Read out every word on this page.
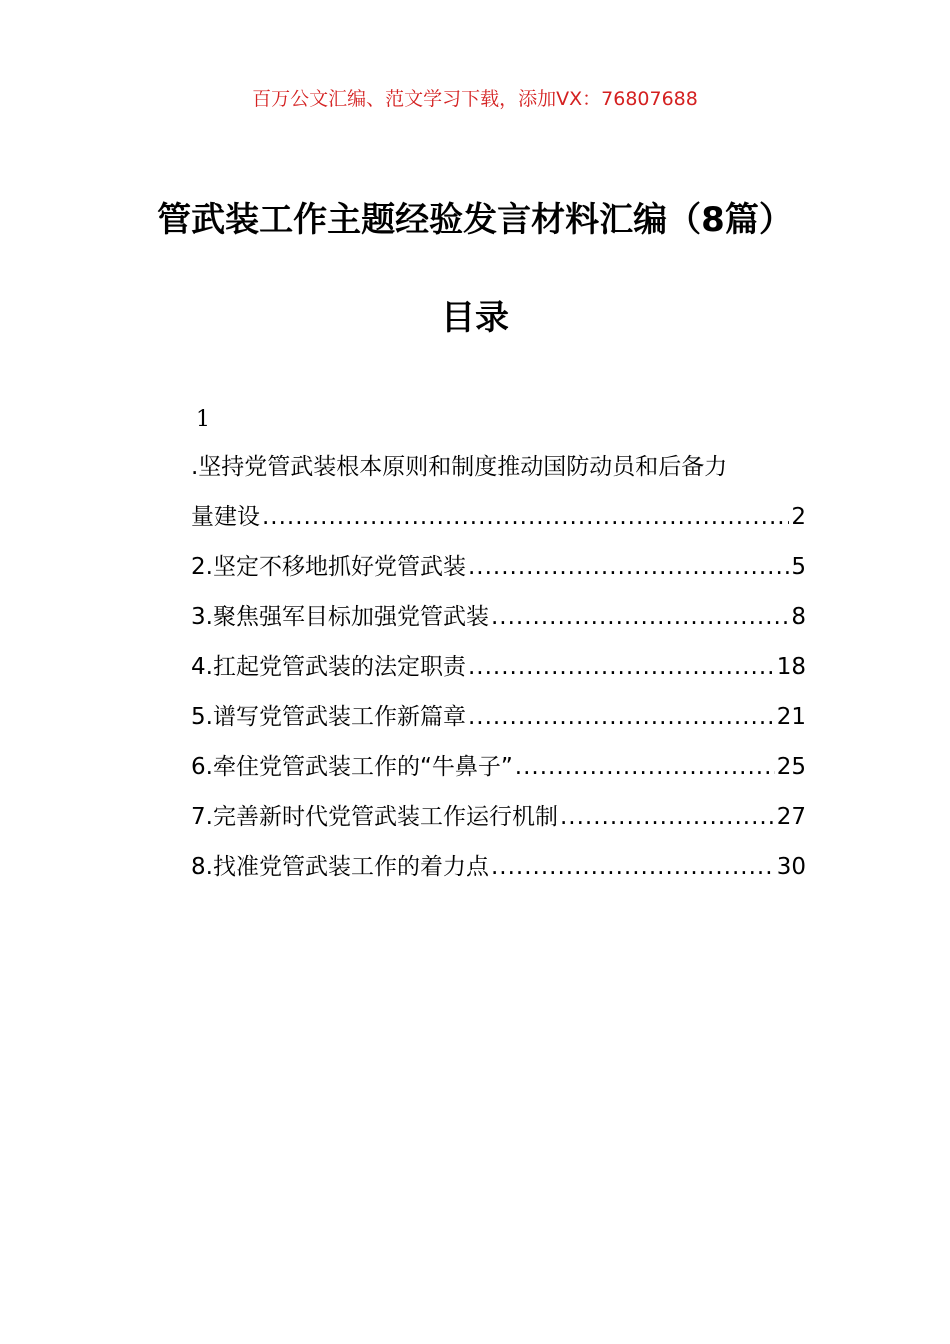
百万公文汇编、范文学习下载，添加VX：76807688
管武装工作主题经验发言材料汇编（8篇）
目录
1
.坚持党管武装根本原则和制度推动国防动员和后备力
量建设 .....	2
2.坚定不移地抓好党管武装 .....	5
3.聚焦强军目标加强党管武装 .....	8
4.扛起党管武装的法定职责 .....	18
5.谱写党管武装工作新篇章 .....	21
6.牵住党管武装工作的“牛鼻子” .....	25
7.完善新时代党管武装工作运行机制 .....	27
8.找准党管武装工作的着力点 .....	30
